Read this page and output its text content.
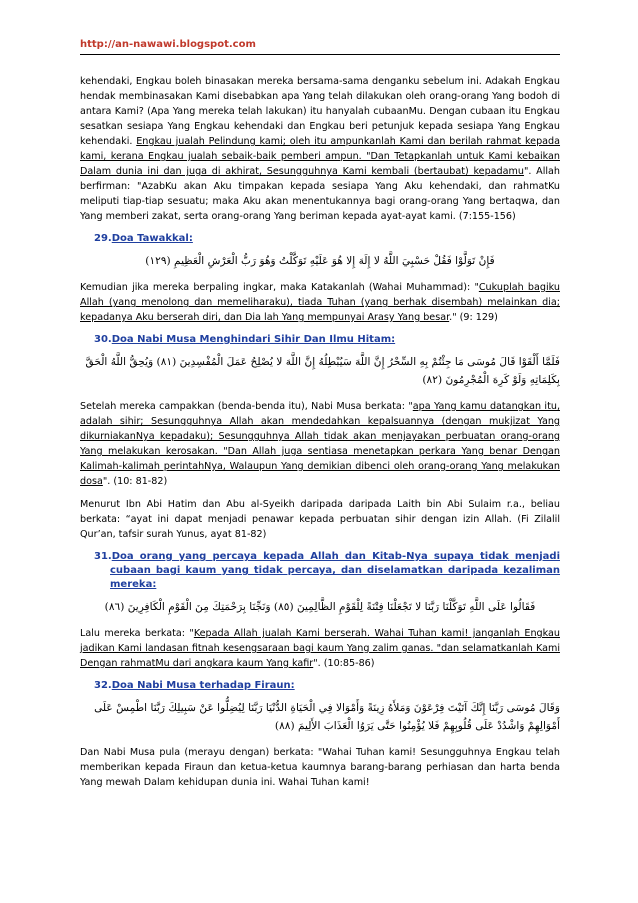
http://an-nawawi.blogspot.com

kehendaki, Engkau boleh binasakan mereka bersama-sama denganku sebelum ini. Adakah Engkau hendak membinasakan Kami disebabkan apa Yang telah dilakukan oleh orang-orang Yang bodoh di antara Kami? (Apa Yang mereka telah lakukan) itu hanyalah cubaanMu. Dengan cubaan itu Engkau sesatkan sesiapa Yang Engkau kehendaki dan Engkau beri petunjuk kepada sesiapa Yang Engkau kehendaki. Engkau jualah Pelindung kami; oleh itu ampunkanlah Kami dan berilah rahmat kepada kami, kerana Engkau jualah sebaik-baik pemberi ampun. "Dan Tetapkanlah untuk Kami kebaikan Dalam dunia ini dan juga di akhirat, Sesungguhnya Kami kembali (bertaubat) kepadamu". Allah berfirman: "AzabKu akan Aku timpakan kepada sesiapa Yang Aku kehendaki, dan rahmatKu meliputi tiap-tiap sesuatu; maka Aku akan menentukannya bagi orang-orang Yang bertaqwa, dan Yang memberi zakat, serta orang-orang Yang beriman kepada ayat-ayat kami. (7:155-156)

29.Doa Tawakkal:
فَإِنْ تَوَلَّوْا فَقُلْ حَسْبِيَ اللَّهُ لا إِلَهَ إِلا هُوَ عَلَيْهِ تَوَكَّلْتُ وَهُوَ رَبُّ الْعَرْشِ الْعَظِيمِ (١٢٩)

Kemudian jika mereka berpaling ingkar, maka Katakanlah (Wahai Muhammad): "Cukuplah bagiku Allah (yang menolong dan memeliharaku), tiada Tuhan (yang berhak disembah) melainkan dia; kepadanya Aku berserah diri, dan Dia lah Yang mempunyai Arasy Yang besar." (9: 129)

30.Doa Nabi Musa Menghindari Sihir Dan Ilmu Hitam:
فَلَمَّا أَلْقَوْا قَالَ مُوسَى مَا جِئْتُمْ بِهِ السِّحْرُ إِنَّ اللَّهَ سَيُبْطِلُهُ إِنَّ اللَّهَ لا يُصْلِحُ عَمَلَ الْمُفْسِدِينَ (٨١) وَيُحِقُّ اللَّهُ الْحَقَّ بِكَلِمَاتِهِ وَلَوْ كَرِهَ الْمُجْرِمُونَ (٨٢)

Setelah mereka campakkan (benda-benda itu), Nabi Musa berkata: "apa Yang kamu datangkan itu, adalah sihir; Sesungguhnya Allah akan mendedahkan kepalsuannya (dengan mukjizat Yang dikurniakanNya kepadaku); Sesungguhnya Allah tidak akan menjayakan perbuatan orang-orang Yang melakukan kerosakan. "Dan Allah juga sentiasa menetapkan perkara Yang benar Dengan Kalimah-kalimah perintahNya, Walaupun Yang demikian dibenci oleh orang-orang Yang melakukan dosa". (10: 81-82)

Menurut Ibn Abi Hatim dan Abu al-Syeikh daripada daripada Laith bin Abi Sulaim r.a., beliau berkata: “ayat ini dapat menjadi penawar kepada perbuatan sihir dengan izin Allah. (Fi Zilalil Qur’an, tafsir surah Yunus, ayat 81-82)

31.Doa orang yang percaya kepada Allah dan Kitab-Nya supaya tidak menjadi cubaan bagi kaum yang tidak percaya, dan diselamatkan daripada kezaliman mereka:
فَقَالُوا عَلَى اللَّهِ تَوَكَّلْنَا رَبَّنَا لا تَجْعَلْنَا فِتْنَةً لِلْقَوْمِ الظَّالِمِينَ (٨٥) وَنَجِّنَا بِرَحْمَتِكَ مِنَ الْقَوْمِ الْكَافِرِينَ (٨٦)

Lalu mereka berkata: "Kepada Allah jualah Kami berserah. Wahai Tuhan kami! janganlah Engkau jadikan Kami landasan fitnah kesengsaraan bagi kaum Yang zalim ganas. "dan selamatkanlah Kami Dengan rahmatMu dari angkara kaum Yang kafir". (10:85-86)

32.Doa Nabi Musa terhadap Firaun:
وَقَالَ مُوسَى رَبَّنَا إِنَّكَ آتَيْتَ فِرْعَوْنَ وَمَلأَهُ زِينَةً وَأَمْوَالا فِي الْحَيَاةِ الدُّنْيَا رَبَّنَا لِيُضِلُّوا عَنْ سَبِيلِكَ رَبَّنَا اطْمِسْ عَلَى أَمْوَالِهِمْ وَاشْدُدْ عَلَى قُلُوبِهِمْ فَلا يُؤْمِنُوا حَتَّى يَرَوُا الْعَذَابَ الأَلِيمَ (٨٨)

Dan Nabi Musa pula (merayu dengan) berkata: "Wahai Tuhan kami! Sesungguhnya Engkau telah memberikan kepada Firaun dan ketua-ketua kaumnya barang-barang perhiasan dan harta benda Yang mewah Dalam kehidupan dunia ini. Wahai Tuhan kami!
